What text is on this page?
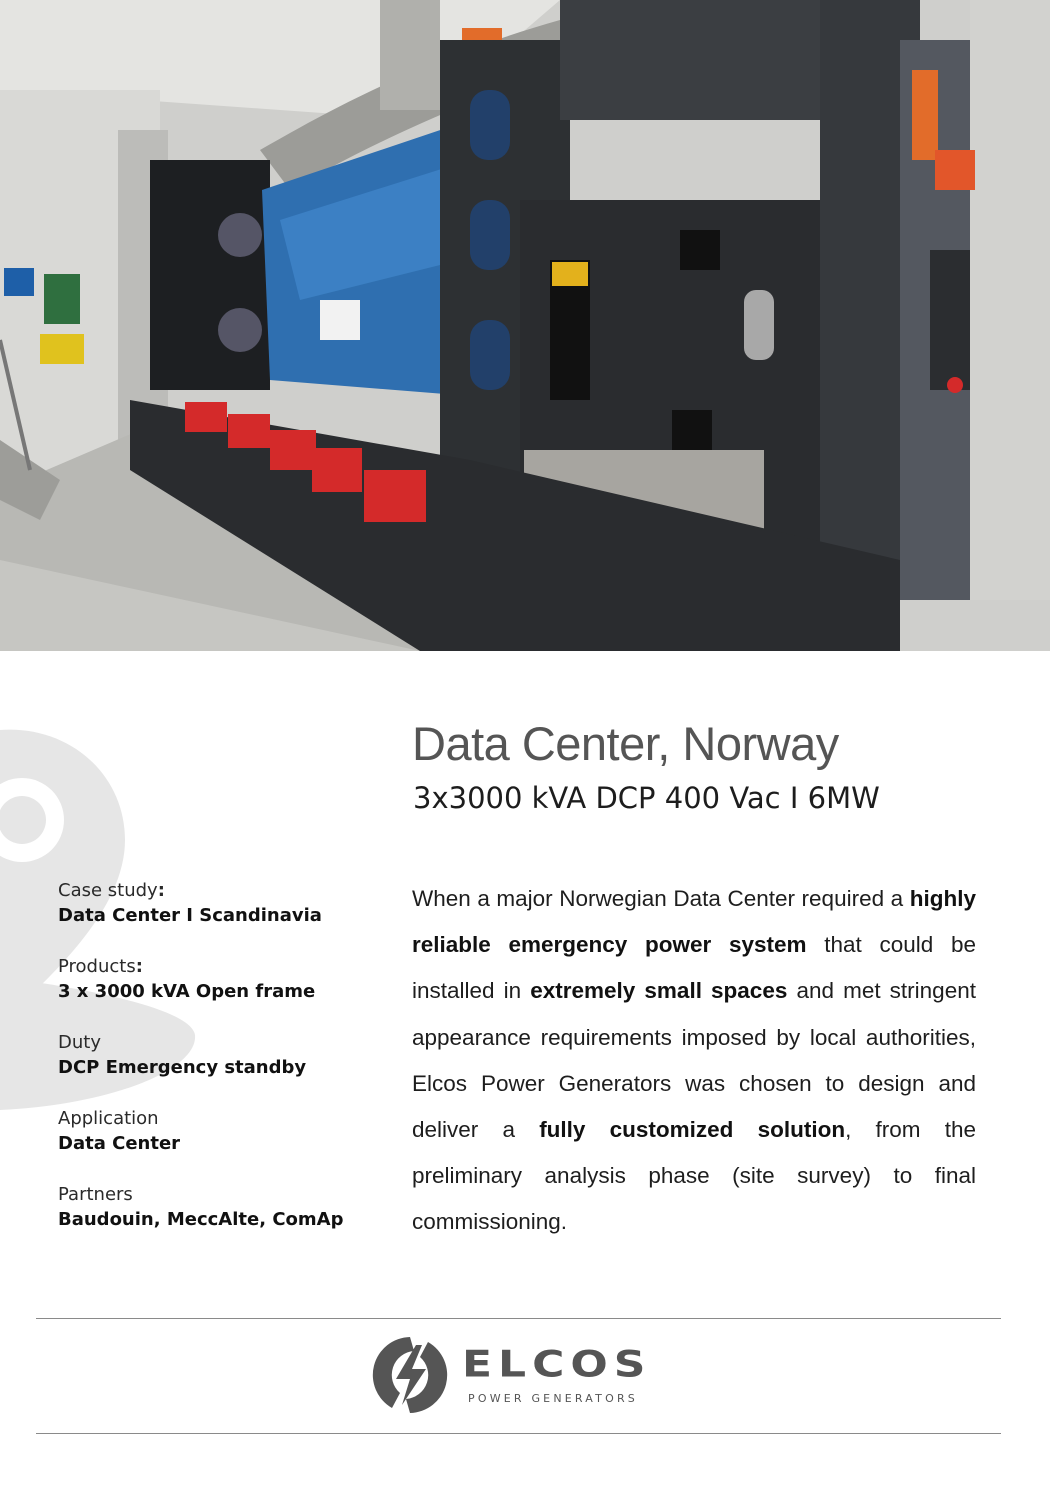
Data Center, Norway
3x3000 kVA DCP 400 Vac I 6MW
Case study:
Data Center I Scandinavia
Products:
3 x 3000 kVA Open frame
Duty
DCP Emergency standby
Application
Data Center
Partners
Baudouin, MeccAlte, ComAp

When a major Norwegian Data Center required a highly reliable emergency power system that could be installed in extremely small spaces and met stringent appearance requirements imposed by local authorities, Elcos Power Generators was chosen to design and deliver a fully customized solution, from the preliminary analysis phase (site survey) to final commissioning.

ELCOS
POWER GENERATORS
